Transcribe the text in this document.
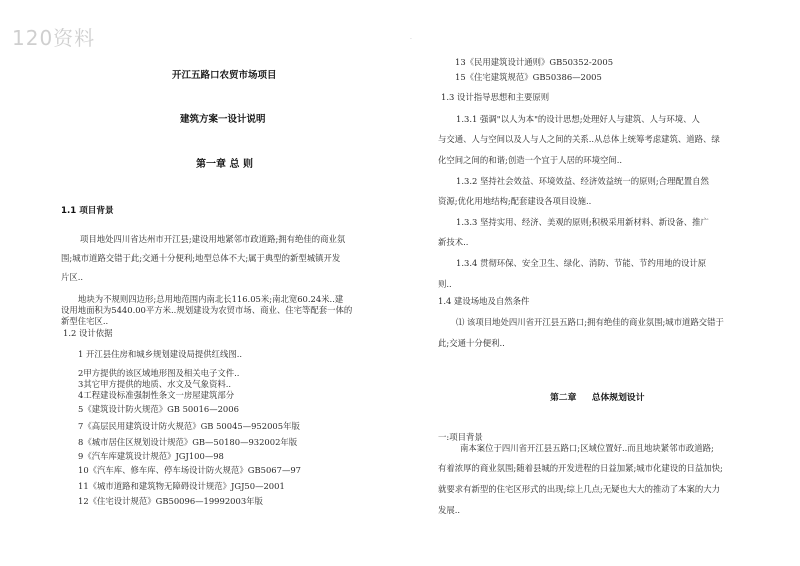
120资料
开江五路口农贸市场项目
建筑方案一设计说明
第一章 总 则
1.1 项目背景
项目地处四川省达州市开江县;建设用地紧邻市政道路;拥有绝佳的商业氛
围;城市道路交错于此;交通十分便利;地型总体不大;属于典型的新型城镇开发
片区..
地块为不规则四边形;总用地范围内南北长116.05米;南北宽60.24米..建
设用地面积为5440.00平方米..规划建设为农贸市场、商业、住宅等配套一体的
新型住宅区..
1.2 设计依据
1 开江县住房和城乡规划建设局提供红线图..
2甲方提供的该区域地形图及相关电子文件..
3其它甲方提供的地质、水文及气象资料..
4工程建设标准强制性条文一房屋建筑部分
5《建筑设计防火规范》GB 50016—2006
7《高层民用建筑设计防火规范》GB 50045—952005年版
8《城市居住区规划设计规范》GB—50180—932002年版
9《汽车库建筑设计规范》JGJ100—98
10《汽车库、修车库、停车场设计防火规范》GB5067—97
11《城市道路和建筑物无障碍设计规范》JGJ50—2001
12《住宅设计规范》GB50096—19992003年版
.
13《民用建筑设计通则》GB50352-2005
15《住宅建筑规范》GB50386—2005
1.3 设计指导思想和主要原则
1.3.1 强调"以人为本"的设计思想;处理好人与建筑、人与环境、人
与交通、人与空间以及人与人之间的关系..从总体上统筹考虑建筑、道路、绿
化空间之间的和谐;创造一个宜于人居的环境空间..
1.3.2 坚持社会效益、环境效益、经济效益统一的原则;合理配置自然
资源;优化用地结构;配套建设各项目设施..
1.3.3 坚持实用、经济、美观的原则;积极采用新材料、新设备、推广
新技术..
1.3.4 贯彻环保、安全卫生、绿化、消防、节能、节约用地的设计原
则..
1.4 建设场地及自然条件
⑴ 该项目地处四川省开江县五路口;拥有绝佳的商业氛围;城市道路交错于
此;交通十分便利..
第二章     总体规划设计
一:项目背景
南本案位于四川省开江县五路口;区域位置好..而且地块紧邻市政道路;
有着浓厚的商业氛围;随着县城的开发进程的日益加紧;城市化建设的日益加快;
就要求有新型的住宅区形式的出现;综上几点;无疑也大大的推动了本案的大力
发展..
